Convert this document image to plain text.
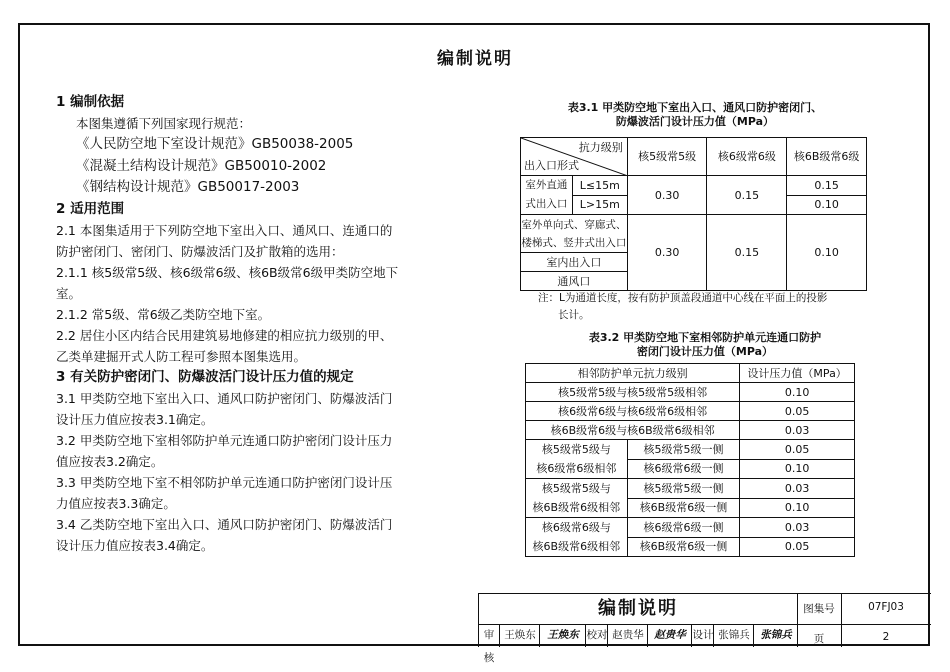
编制说明

1 编制依据

本图集遵循下列国家现行规范：

《人民防空地下室设计规范》GB50038-2005

《混凝土结构设计规范》GB50010-2002

《钢结构设计规范》GB50017-2003

2 适用范围

2.1 本图集适用于下列防空地下室出入口、通风口、连通口的

防护密闭门、密闭门、防爆波活门及扩散箱的选用：

2.1.1 核5级常5级、核6级常6级、核6B级常6级甲类防空地下

室。

2.1.2 常5级、常6级乙类防空地下室。

2.2 居住小区内结合民用建筑易地修建的相应抗力级别的甲、

乙类单建掘开式人防工程可参照本图集选用。

3 有关防护密闭门、防爆波活门设计压力值的规定

3.1 甲类防空地下室出入口、通风口防护密闭门、防爆波活门

设计压力值应按表3.1确定。

3.2 甲类防空地下室相邻防护单元连通口防护密闭门设计压力

值应按表3.2确定。

3.3 甲类防空地下室不相邻防护单元连通口防护密闭门设计压

力值应按表3.3确定。

3.4 乙类防空地下室出入口、通风口防护密闭门、防爆波活门

设计压力值应按表3.4确定。

表3.1 甲类防空地下室出入口、通风口防护密闭门、
防爆波活门设计压力值（MPa）
抗力级别
出入口形式		核5级常5级	核6级常6级	核6B级常6级

室外直通
式出入口	L≤15m	0.30	0.15	0.15
	L>15m			0.10

室外单向式、穿廊式、
楼梯式、竖井式出入口		0.30	0.15	0.10
室内出入口				
通风口				
注：L为通道长度，按有防护顶盖段通道中心线在平面上的投影
长计。
表3.2 甲类防空地下室相邻防护单元连通口防护
密闭门设计压力值（MPa）
相邻防护单元抗力级别		设计压力值（MPa）
核5级常5级与核5级常5级相邻		0.10
核6级常6级与核6级常6级相邻		0.05
核6B级常6级与核6B级常6级相邻		0.03

核5级常5级与
核6级常6级相邻	核5级常5级一侧	0.05
	核6级常6级一侧	0.10

核5级常5级与
核6B级常6级相邻	核5级常5级一侧	0.03
	核6B级常6级一侧	0.10

核6级常6级与
核6B级常6级相邻	核6级常6级一侧	0.03
	核6B级常6级一侧	0.05
编制说明	图集号	07FJ03
页	2
审核
王焕东	王焕东 校对 赵贵华	赵贵华 设计 张锦兵	张锦兵
